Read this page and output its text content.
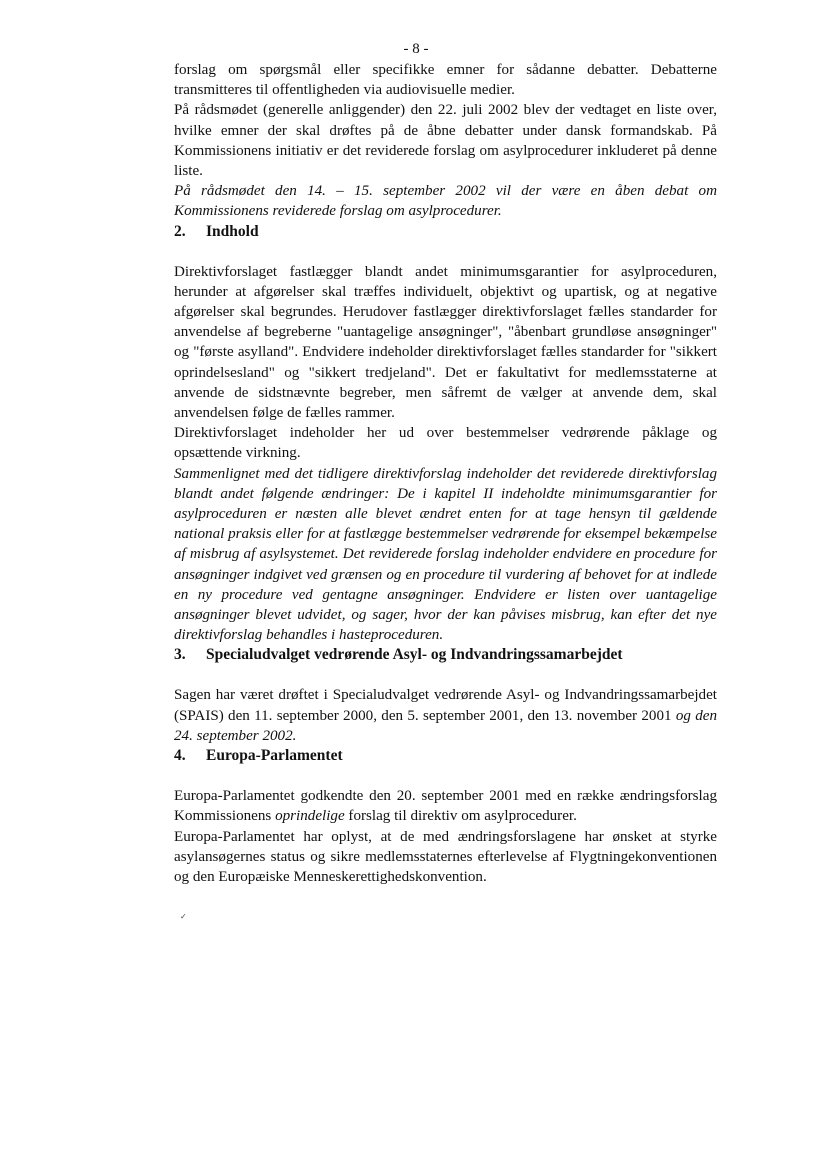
- 8 -

forslag om spørgsmål eller specifikke emner for sådanne debatter. Debatterne transmitteres til offentligheden via audiovisuelle medier.

På rådsmødet (generelle anliggender) den 22. juli 2002 blev der vedtaget en liste over, hvilke emner der skal drøftes på de åbne debatter under dansk formandskab. På Kommissionens initiativ er det reviderede forslag om asylprocedurer inkluderet på denne liste.

På rådsmødet den 14. – 15. september 2002 vil der være en åben debat om Kommissionens reviderede forslag om asylprocedurer.

2.	Indhold

Direktivforslaget fastlægger blandt andet minimumsgarantier for asylproceduren, herunder at afgørelser skal træffes individuelt, objektivt og upartisk, og at negative afgørelser skal begrundes. Herudover fastlægger direktivforslaget fælles standarder for anvendelse af begreberne "uantagelige ansøgninger", "åbenbart grundløse ansøgninger" og "første asylland". Endvidere indeholder direktivforslaget fælles standarder for "sikkert oprindelsesland" og "sikkert tredjeland". Det er fakultativt for medlemsstaterne at anvende de sidstnævnte begreber, men såfremt de vælger at anvende dem, skal anvendelsen følge de fælles rammer.

Direktivforslaget indeholder her ud over bestemmelser vedrørende påklage og opsættende virkning.

Sammenlignet med det tidligere direktivforslag indeholder det reviderede direktivforslag blandt andet følgende ændringer: De i kapitel II indeholdte minimumsgarantier for asylproceduren er næsten alle blevet ændret enten for at tage hensyn til gældende national praksis eller for at fastlægge bestemmelser vedrørende for eksempel bekæmpelse af misbrug af asylsystemet. Det reviderede forslag indeholder endvidere en procedure for ansøgninger indgivet ved grænsen og en procedure til vurdering af behovet for at indlede en ny procedure ved gentagne ansøgninger. Endvidere er listen over uantagelige ansøgninger blevet udvidet, og sager, hvor der kan påvises misbrug, kan efter det nye direktivforslag behandles i hasteproceduren.

3.	Specialudvalget vedrørende Asyl- og Indvandringssamarbejdet

Sagen har været drøftet i Specialudvalget vedrørende Asyl- og Indvandringssamarbejdet (SPAIS) den 11. september 2000, den 5. september 2001, den 13. november 2001 og den 24. september 2002.

4.	Europa-Parlamentet

Europa-Parlamentet godkendte den 20. september 2001 med en række ændringsforslag Kommissionens oprindelige forslag til direktiv om asylprocedurer.

Europa-Parlamentet har oplyst, at de med ændringsforslagene har ønsket at styrke asylansøgernes status og sikre medlemsstaternes efterlevelse af Flygtningekonventionen og den Europæiske Menneskerettighedskonvention.

✓
